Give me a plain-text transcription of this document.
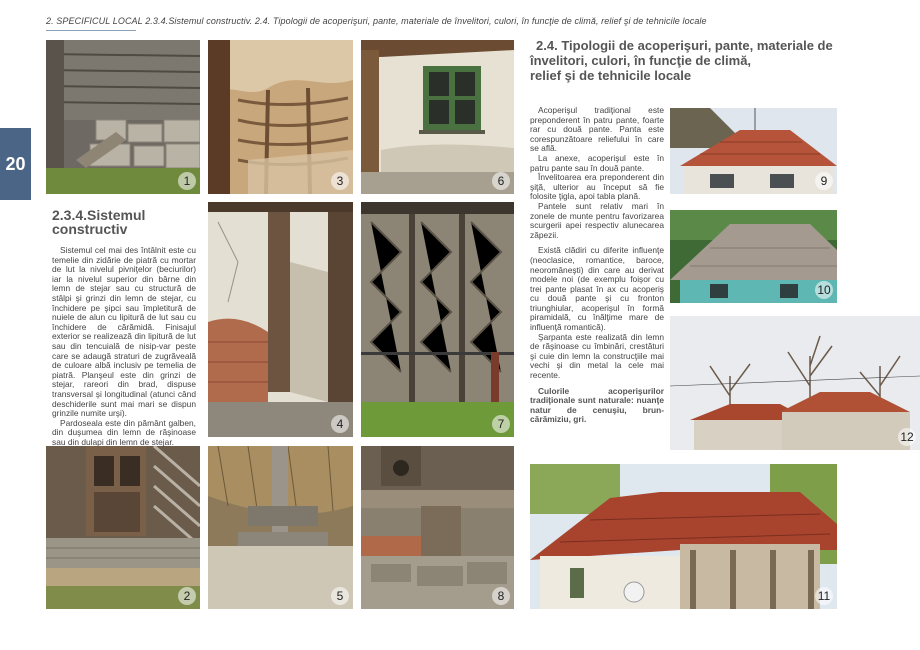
2. SPECIFICUL LOCAL 2.3.4.Sistemul constructiv. 2.4. Tipologii de acoperişuri, pante, materiale de învelitori, culori, în funcţie de climă, relief şi de tehnicile locale
20
1	3	6
4	7
2	5	8
9
10
12
11
2.3.4.Sistemul
constructiv

Sistemul cel mai des întâlnit este cu temelie din zidărie de piatră cu mortar de lut la nivelul pivniţelor (beciurilor) iar la nivelul superior din bârne din lemn de stejar sau cu structură de stâlpi şi grinzi din lemn de stejar, cu închidere pe şipci sau împletitură de nuiele de alun cu lipitură de lut sau cu închidere de cărămidă. Finisajul exterior se realizează din lipitură de lut sau din tencuială de nisip-var peste care se adaugă straturi de zugrăveală de culoare albă inclusiv pe temelia de piatră. Planşeul este din grinzi de stejar, rareori din brad, dispuse transversal şi longitudinal (atunci când deschiderile sunt mai mari se dispun grinzile numite urşi).

Pardoseala este din pământ galben, din duşumea din lemn de răşinoase sau din dulapi din lemn de stejar.

2.4. Tipologii de acoperişuri, pante, materiale de
învelitori, culori, în funcţie de climă,
relief şi de tehnicile locale

Acoperişul tradiţional este preponderent în patru pante, foarte rar cu două pante. Panta este corespunzătoare reliefului în care se află.

La anexe, acoperişul este în patru pante sau în două pante.

Învelitoarea era preponderent din şiţă, ulterior au început să fie folosite ţigla, apoi tabla plană.

Pantele sunt relativ mari în zonele de munte pentru favorizarea scurgerii apei respectiv alunecarea zăpezii.

Există clădiri cu diferite influenţe (neoclasice, romantice, baroce, neoromâneşti) din care au derivat modele noi (de exemplu foişor cu trei pante plasat în ax cu acoperiş cu două pante şi cu fronton triunghiular, acoperişul în formă piramidală, cu înălţime mare de influenţă romantică).

Şarpanta este realizată din lemn de răşinoase cu îmbinări, crestături şi cuie din lemn la construcţiile mai vechi şi din metal la cele mai recente.

Culorile acoperişurilor tradiţionale sunt naturale: nuanţe natur de cenuşiu, brun-cărămiziu, gri.
